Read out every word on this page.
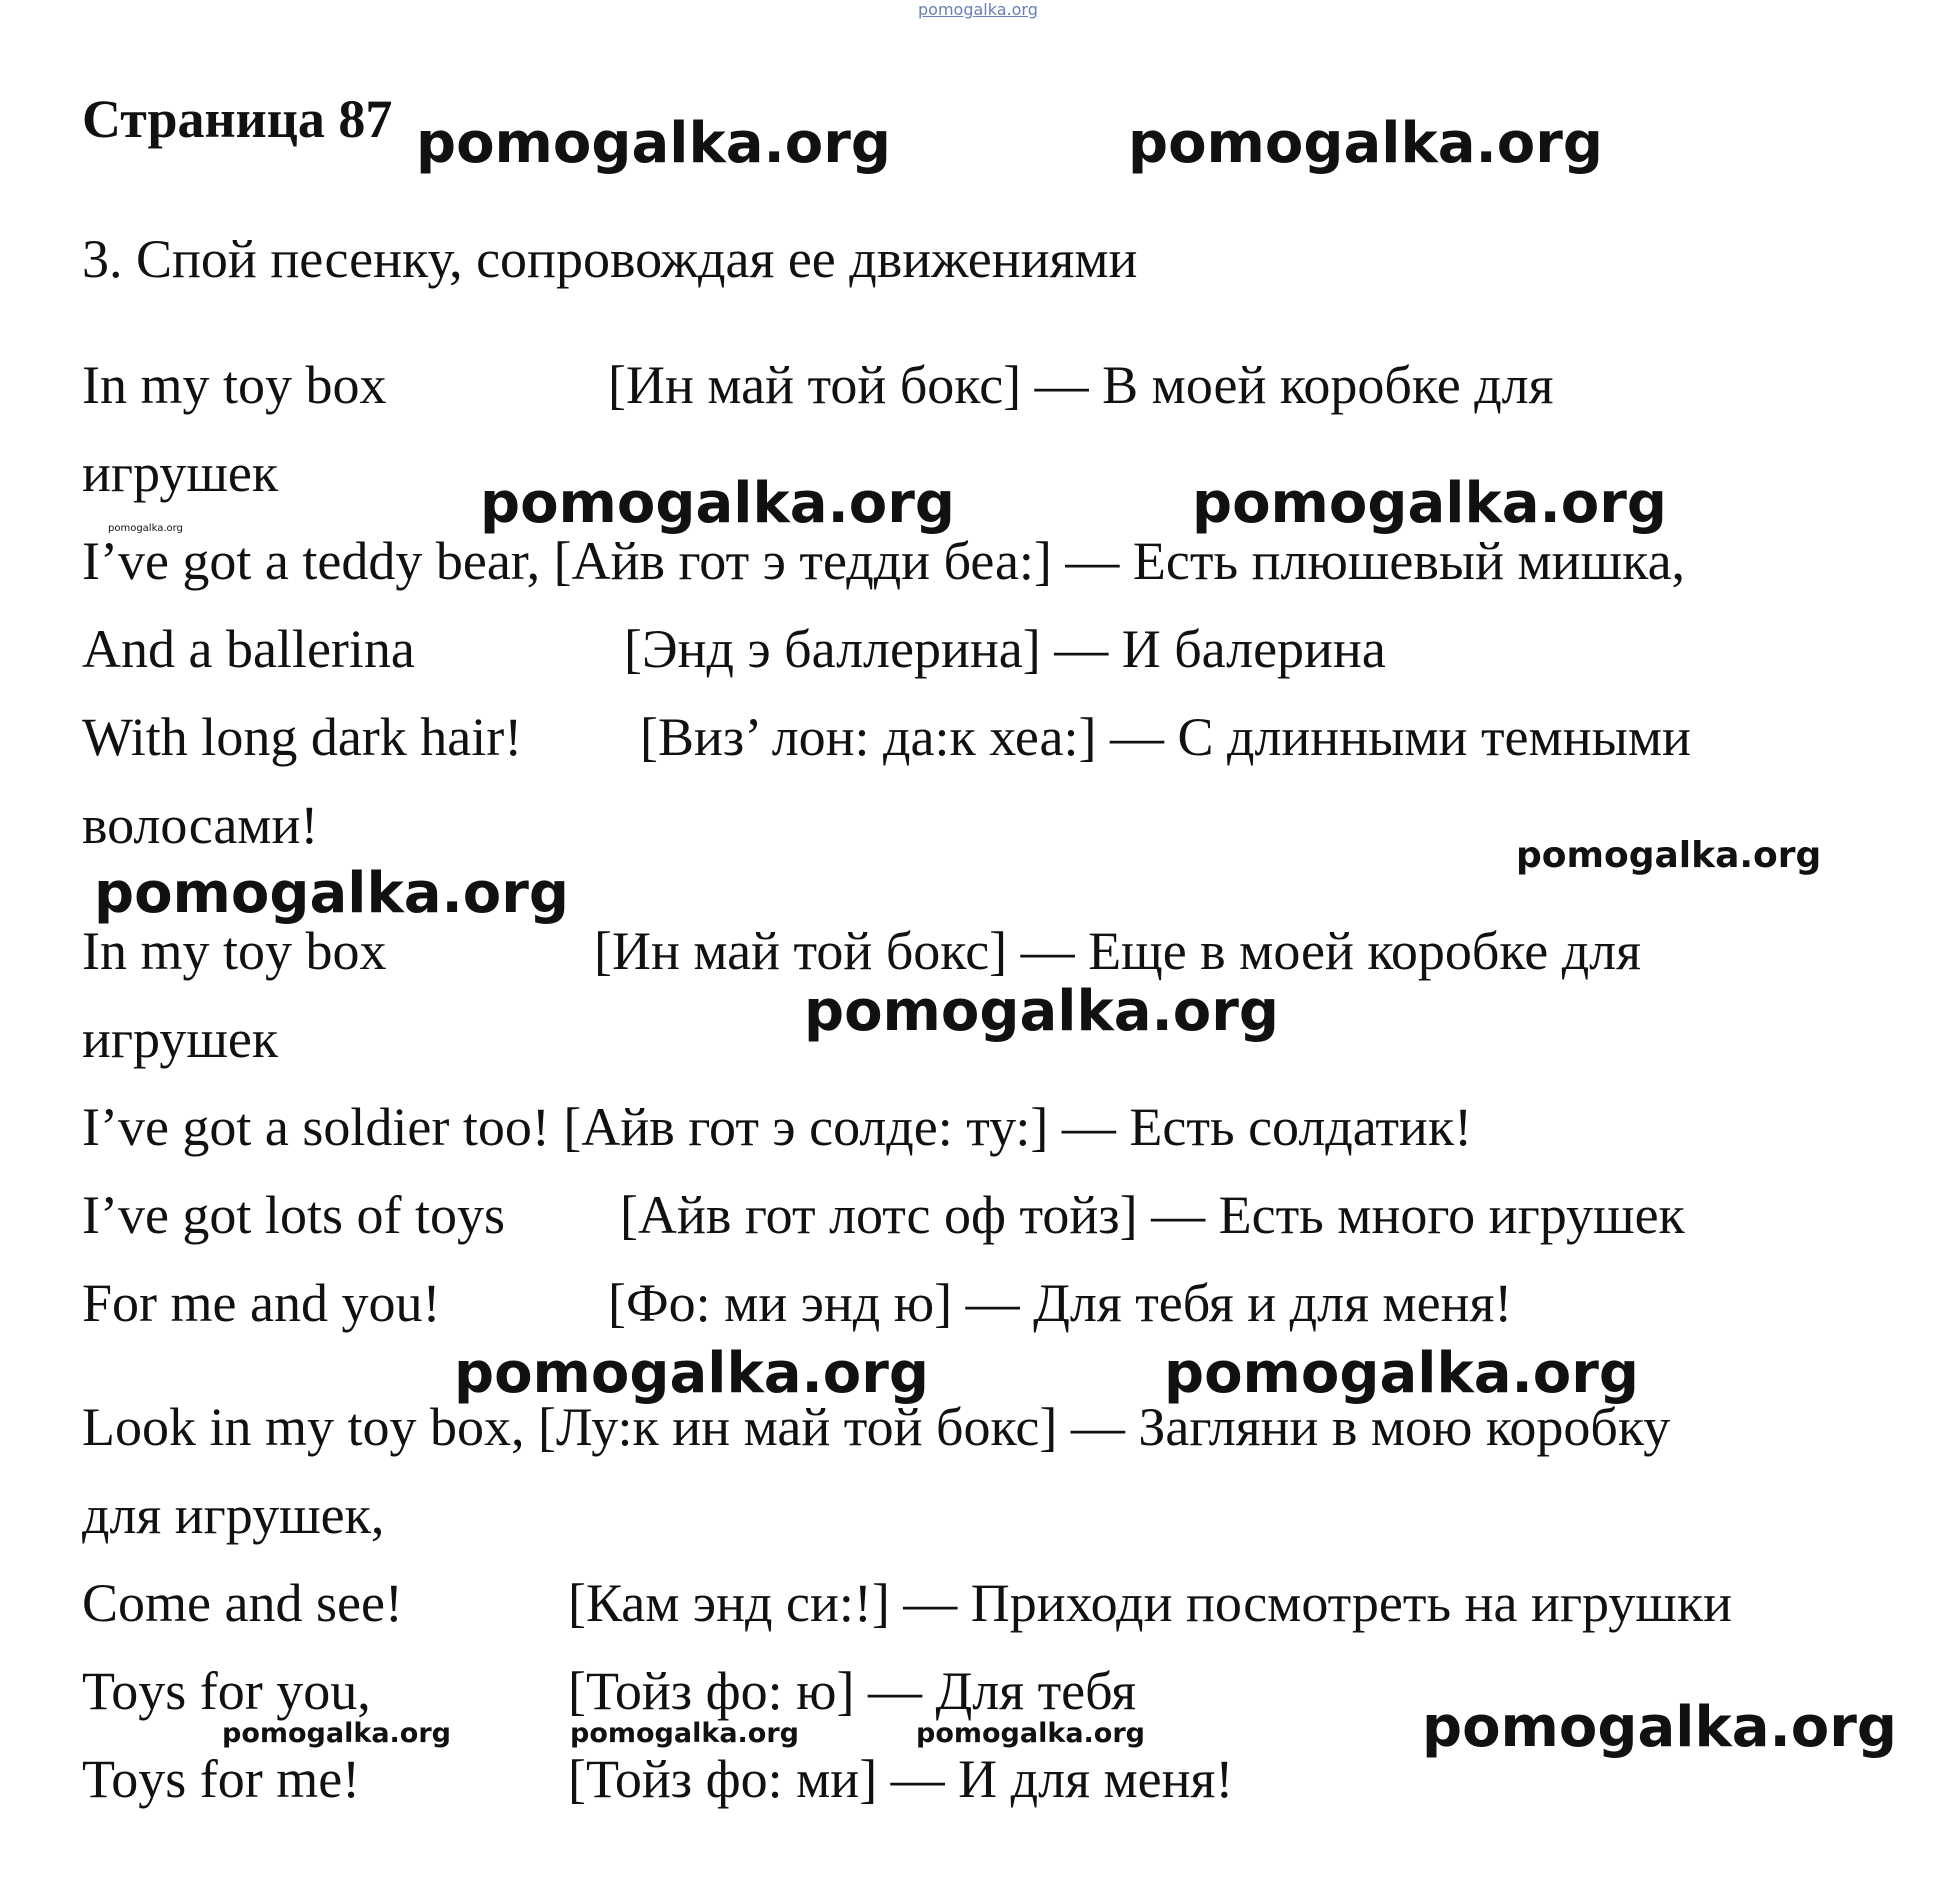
pomogalka.org
Страница 87
3. Спой песенку, сопровождая ее движениями
In my toy box	[Ин май той бокс] — В моей коробке для
игрушек
I’ve got a teddy bear, [Айв гот э тедди беа:] — Есть плюшевый мишка,
And a ballerina	[Энд э баллерина] — И балерина
With long dark hair! [Виз’ лон: да:к хеа:] — С длинными темными
волосами!
In my toy box	[Ин май той бокс] — Еще в моей коробке для
игрушек
I’ve got a soldier too! [Айв гот э солде: ту:] — Есть солдатик!
I’ve got lots of toys [Айв гот лотс оф тойз] — Есть много игрушек
For me and you!	[Фо: ми энд ю] — Для тебя и для меня!
Look in my toy box, [Лу:к ин май той бокс] — Загляни в мою коробку
для игрушек,
Come and see!	[Кам энд си:!] — Приходи посмотреть на игрушки
Toys for you,	[Тойз фо: ю] — Для тебя
Toys for me!	[Тойз фо: ми] — И для меня!
pomogalka.org	pomogalka.org
pomogalka.org	pomogalka.org
pomogalka.org
pomogalka.org
pomogalka.org
pomogalka.org
pomogalka.org	pomogalka.org
pomogalka.org	pomogalka.org	pomogalka.org	pomogalka.org
